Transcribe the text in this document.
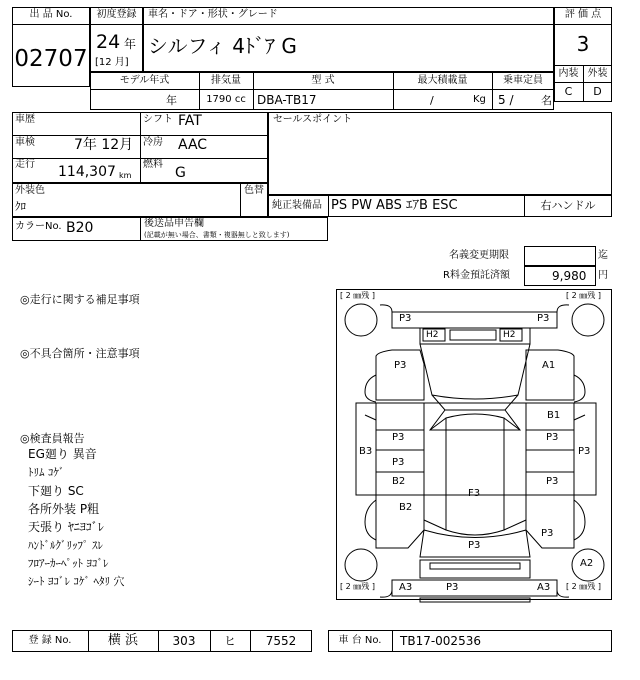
出 品 No.
02707
初度登録
24 年
[12 月]
車名・ドア・形状・グレード
シルフィ 4ﾄﾞｱ G
評 価 点
3
内装 外装
C	D
モデル年式
年
排気量
1790 cc
型 式
DBA-TB17
最大積載量
/	Kg
乗車定員
5 /	名
車歴	シフト FAT
車検	7年 12月 冷房 AAC
走行 114,307 km
燃料
G
セールスポイント
外装色
ｸﾛ
色替
純正装備品 PS PW ABS ｴｱB ESC	右ハンドル
カラーNo. B20	後送品申告欄
(記載が無い場合、書類・複器無しと致します)
名義変更期限	迄
R料金預託済額	9,980 円
◎走行に関する補足事項
◎不具合箇所・注意事項
◎検査員報告
EG廻り 異音
ﾄﾘﾑ ｺｹﾞ
下廻り SC
各所外装 P粗
天張り ﾔﾆﾖｺﾞﾚ
ﾊﾝﾄﾞﾙｸﾞﾘｯﾌﾟ ｽﾚ
ﾌﾛｱｰｶｰﾍﾟｯﾄ ﾖｺﾞﾚ
ｼｰﾄ ﾖｺﾞﾚ ｺｹﾞ ﾍﾀﾘ 穴
[ 2 ㎜残 ]	[ 2 ㎜残 ]
[ 2 ㎜残 ]	[ 2 ㎜残 ]
P3	P3
H2	H2
P3	A1
B1
P3	P3
B3	P3
P3
B2	P3
F3
B2
P3
P3
A2
A3	P3	A3
登 録 No.	横 浜	303	ヒ	7552	車 台 No.	TB17-002536
